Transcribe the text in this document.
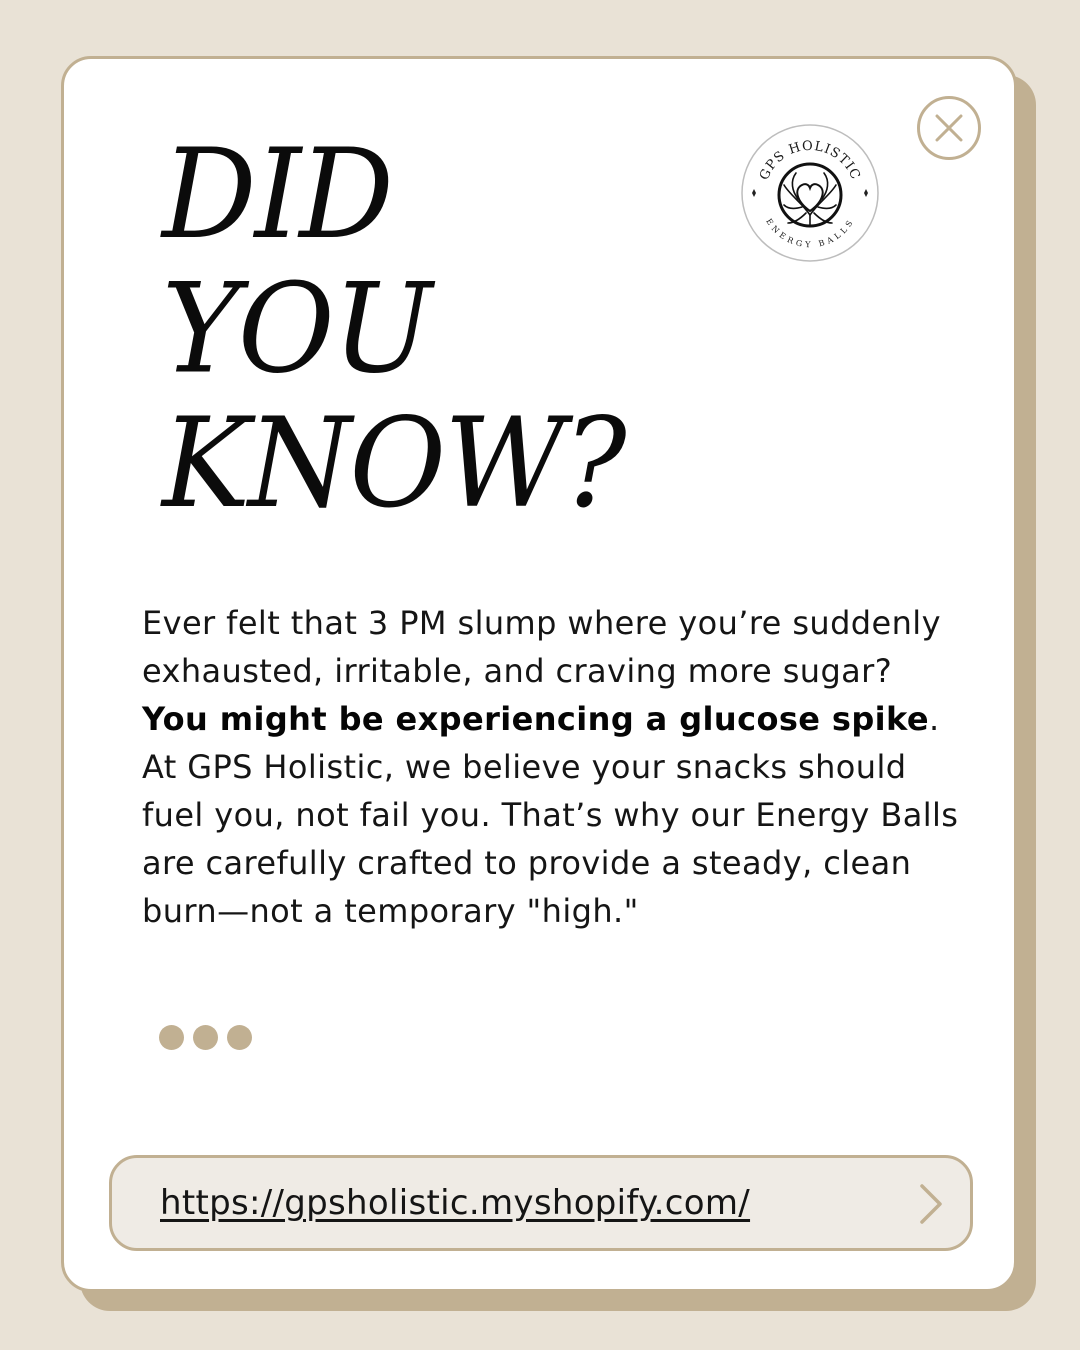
DID
YOU
KNOW?
GPS HOLISTIC
ENERGY BALLS

Ever felt that 3 PM slump where you’re suddenly exhausted, irritable, and craving more sugar? You might be experiencing a glucose spike.
At GPS Holistic, we believe your snacks should fuel you, not fail you. That’s why our Energy Balls are carefully crafted to provide a steady, clean burn—not a temporary "high."

https://gpsholistic.myshopify.com/
